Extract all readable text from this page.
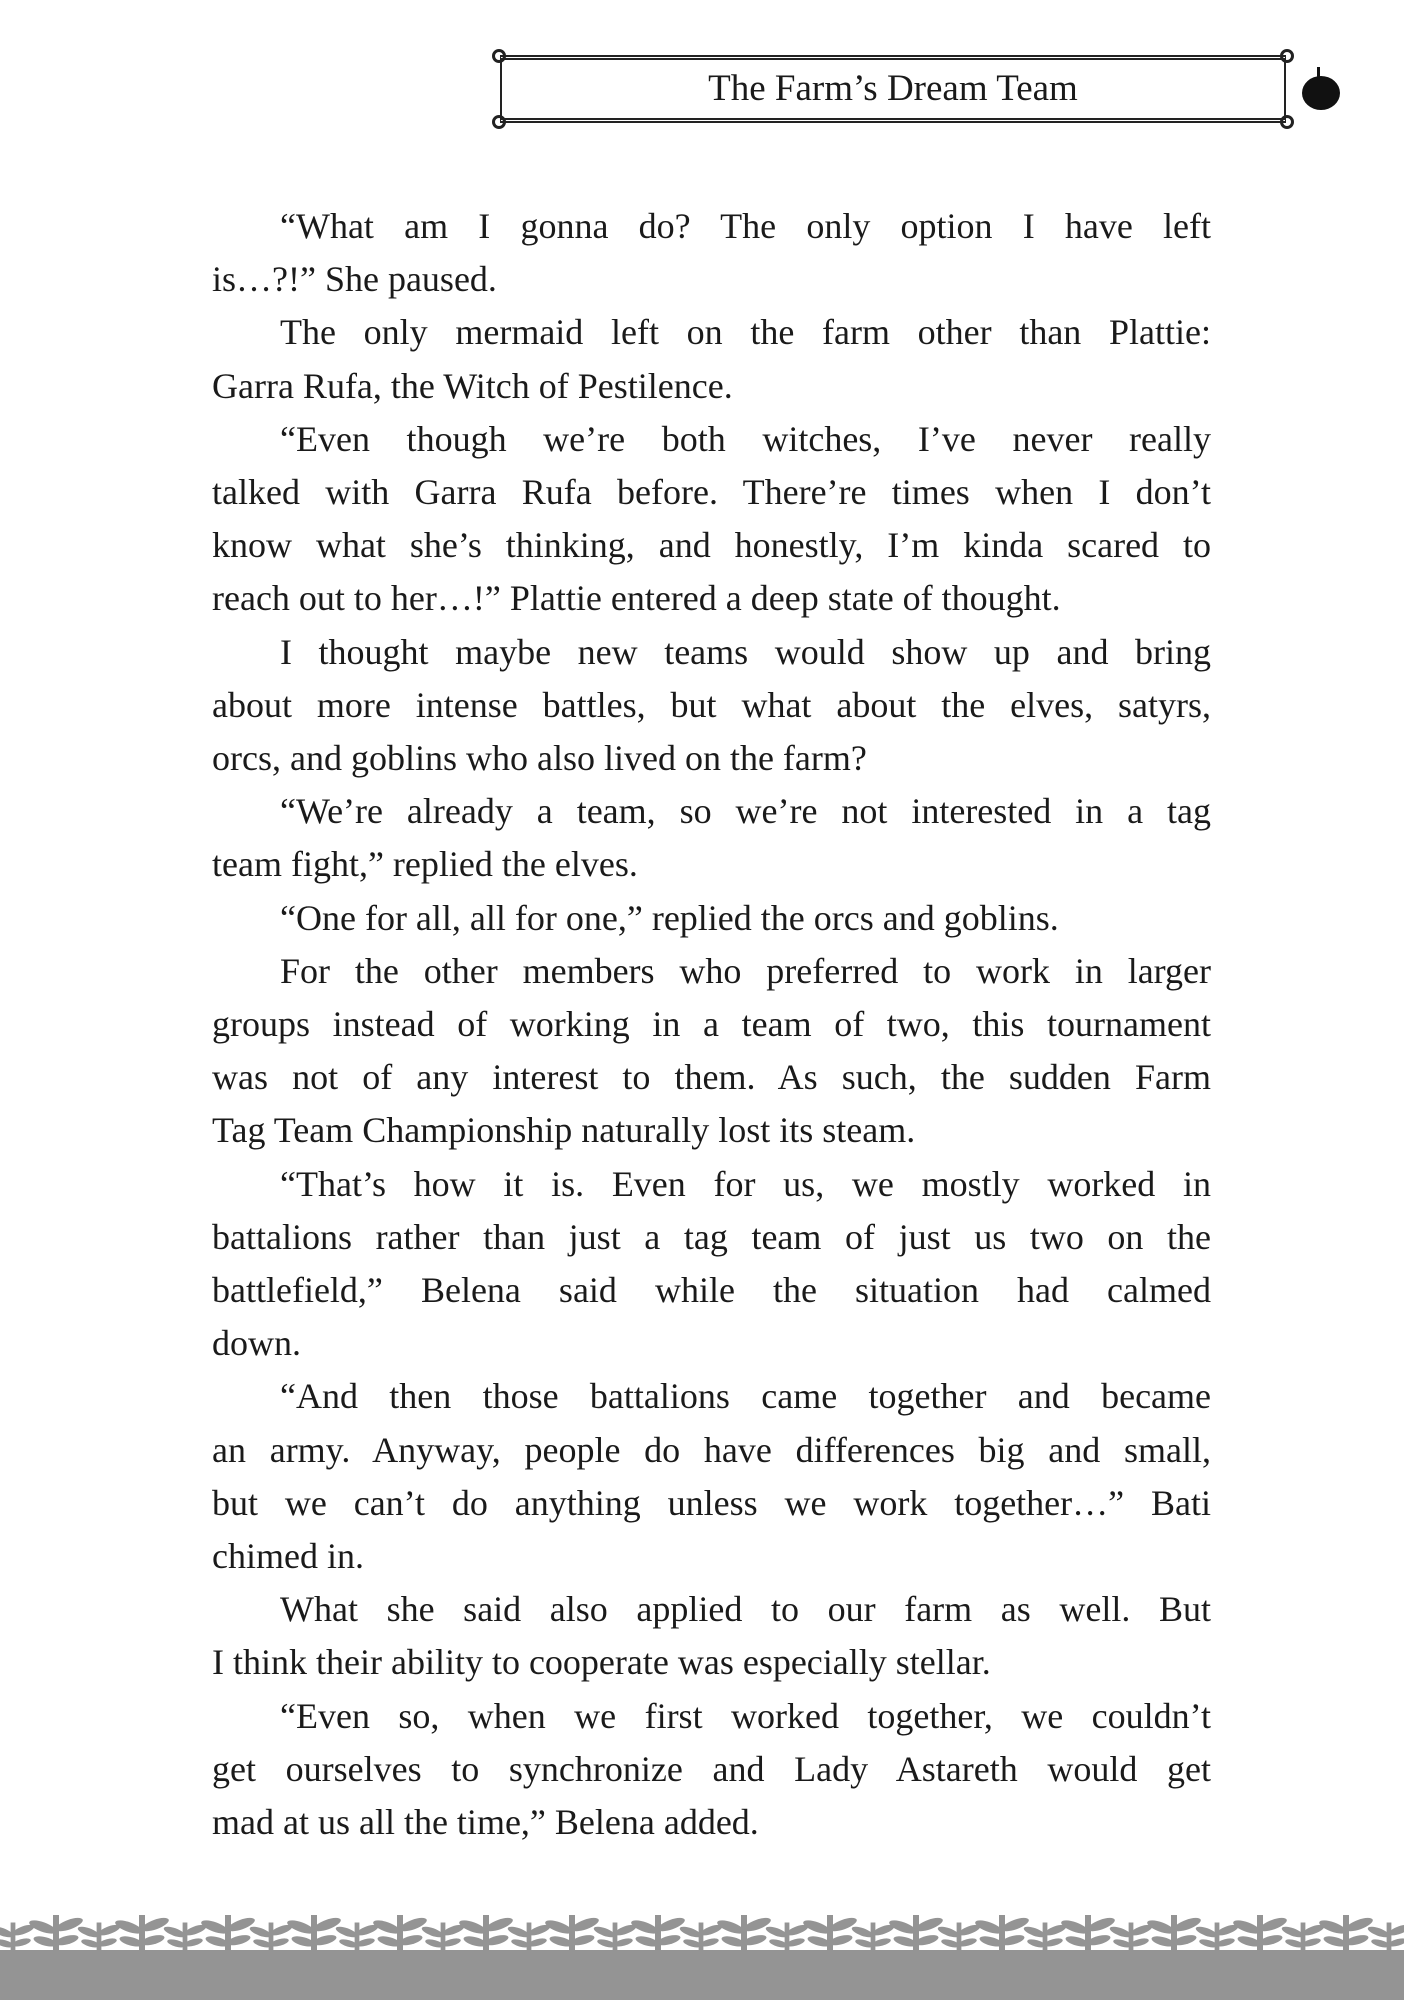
The Farm’s Dream Team
“What am I gonna do? The only option I have left
is…?!” She paused.
The only mermaid left on the farm other than Plattie:
Garra Rufa, the Witch of Pestilence.
“Even though we’re both witches, I’ve never really
talked with Garra Rufa before. There’re times when I don’t
know what she’s thinking, and honestly, I’m kinda scared to
reach out to her…!” Plattie entered a deep state of thought.
I thought maybe new teams would show up and bring
about more intense battles, but what about the elves, satyrs,
orcs, and goblins who also lived on the farm?
“We’re already a team, so we’re not interested in a tag
team fight,” replied the elves.
“One for all, all for one,” replied the orcs and goblins.
For the other members who preferred to work in larger
groups instead of working in a team of two, this tournament
was not of any interest to them. As such, the sudden Farm
Tag Team Championship naturally lost its steam.
“That’s how it is. Even for us, we mostly worked in
battalions rather than just a tag team of just us two on the
battlefield,” Belena said while the situation had calmed
down.
“And then those battalions came together and became
an army. Anyway, people do have differences big and small,
but we can’t do anything unless we work together…” Bati
chimed in.
What she said also applied to our farm as well. But
I think their ability to cooperate was especially stellar.
“Even so, when we first worked together, we couldn’t
get ourselves to synchronize and Lady Astareth would get
mad at us all the time,” Belena added.
